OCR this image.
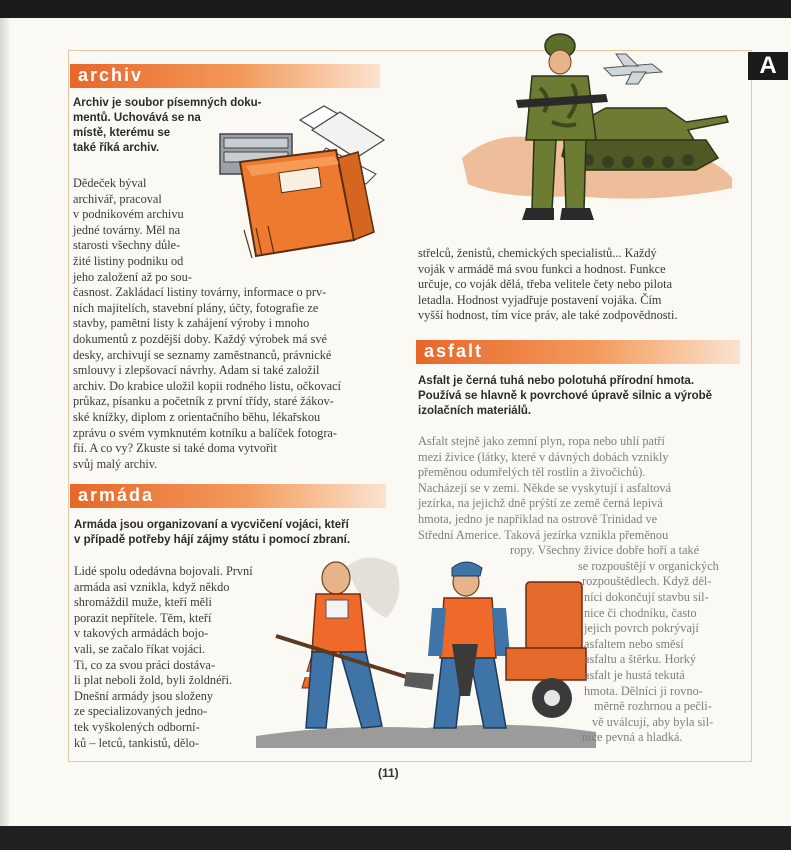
A
archiv
Archiv je soubor písemných doku-
mentů. Uchovává se na
místě, kterému se
také říká archiv.
Dědeček býval
archivář, pracoval
v podnikovém archivu
jedné továrny. Měl na
starosti všechny důle-
žité listiny podniku od
jeho založení až po sou-
časnost. Zakládací listiny továrny, informace o prv-
ních majitelích, stavební plány, účty, fotografie ze
stavby, pamětní listy k zahájení výroby i mnoho
dokumentů z pozdější doby. Každý výrobek má své
desky, archivují se seznamy zaměstnanců, právnické
smlouvy i zlepšovací návrhy. Adam si také založil
archiv. Do krabice uložil kopii rodného listu, očkovací
průkaz, písanku a početník z první třídy, staré žákov-
ské knížky, diplom z orientačního běhu, lékařskou
zprávu o svém vymknutém kotníku a balíček fotogra-
fií. A co vy? Zkuste si také doma vytvořit
svůj malý archiv.
armáda
Armáda jsou organizovaní a vycvičení vojáci, kteří
v případě potřeby hájí zájmy státu i pomocí zbraní.
Lidé spolu odedávna bojovali. První
armáda asi vznikla, když někdo
shromáždil muže, kteří měli
porazit nepřítele. Těm, kteří
v takových armádách bojo-
vali, se začalo říkat vojáci.
Ti, co za svou práci dostáva-
li plat neboli žold, byli žoldnéři.
Dnešní armády jsou složeny
ze specializovaných jedno-
tek vyškolených odborní-
ků – letců, tankistů, dělo-
střelců, ženistů, chemických specialistů... Každý
voják v armádě má svou funkci a hodnost. Funkce
určuje, co voják dělá, třeba velitele čety nebo pilota
letadla. Hodnost vyjadřuje postavení vojáka. Čím
vyšší hodnost, tím více práv, ale také zodpovědnosti.
asfalt
Asfalt je černá tuhá nebo polotuhá přírodní hmota.
Používá se hlavně k povrchové úpravě silnic a výrobě
izolačních materiálů.
Asfalt stejně jako zemní plyn, ropa nebo uhlí patří
mezi živice (látky, které v dávných dobách vznikly
přeměnou odumřelých těl rostlin a živočichů).
Nacházejí se v zemi. Někde se vyskytují i asfaltová
jezírka, na jejichž dně prýští ze země černá lepivá
hmota, jedno je například na ostrově Trinidad ve
Střední Americe. Taková jezírka vznikla přeměnou
ropy. Všechny živice dobře hoří a také
se rozpouštějí v organických
rozpouštědlech. Když děl-
níci dokončují stavbu sil-
nice či chodníku, často
jejich povrch pokrývají
asfaltem nebo směsí
asfaltu a štěrku. Horký
asfalt je hustá tekutá
hmota. Dělníci ji rovno-
měrně rozhrnou a pečli-
vě uválcují, aby byla sil-
nice pevná a hladká.
(11)
